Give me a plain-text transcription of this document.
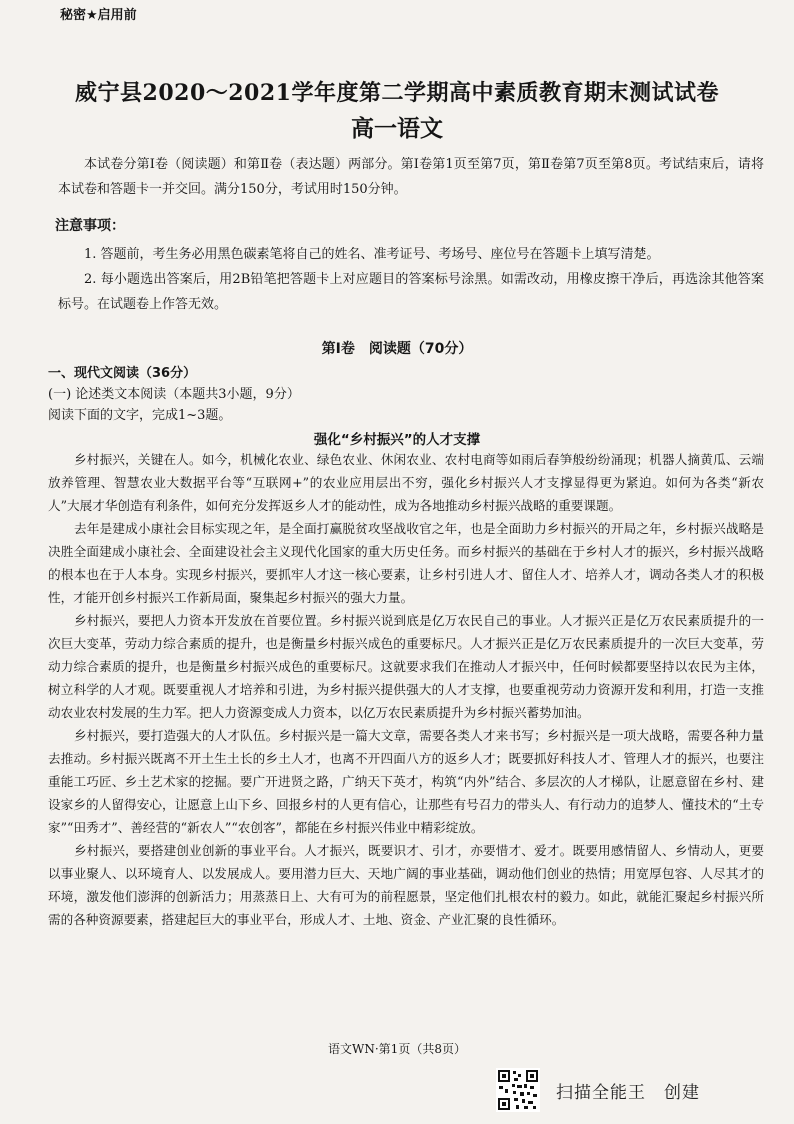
秘密★启用前
威宁县2020～2021学年度第二学期高中素质教育期末测试试卷
高一语文
本试卷分第Ⅰ卷（阅读题）和第Ⅱ卷（表达题）两部分。第Ⅰ卷第1页至第7页，第Ⅱ卷第7页至第8页。考试结束后，请将本试卷和答题卡一并交回。满分150分，考试用时150分钟。
注意事项：

1. 答题前，考生务必用黑色碳素笔将自己的姓名、准考证号、考场号、座位号在答题卡上填写清楚。

2. 每小题选出答案后，用2B铅笔把答题卡上对应题目的答案标号涂黑。如需改动，用橡皮擦干净后，再选涂其他答案标号。在试题卷上作答无效。

第Ⅰ卷　阅读题（70分）
一、现代文阅读（36分）
(一) 论述类文本阅读（本题共3小题，9分）
阅读下面的文字，完成1~3题。
强化“乡村振兴”的人才支撑

乡村振兴，关键在人。如今，机械化农业、绿色农业、休闲农业、农村电商等如雨后春笋般纷纷涌现；机器人摘黄瓜、云端放养管理、智慧农业大数据平台等“互联网+”的农业应用层出不穷，强化乡村振兴人才支撑显得更为紧迫。如何为各类“新农人”大展才华创造有利条件，如何充分发挥返乡人才的能动性，成为各地推动乡村振兴战略的重要课题。

去年是建成小康社会目标实现之年，是全面打赢脱贫攻坚战收官之年，也是全面助力乡村振兴的开局之年，乡村振兴战略是决胜全面建成小康社会、全面建设社会主义现代化国家的重大历史任务。而乡村振兴的基础在于乡村人才的振兴，乡村振兴战略的根本也在于人本身。实现乡村振兴，要抓牢人才这一核心要素，让乡村引进人才、留住人才、培养人才，调动各类人才的积极性，才能开创乡村振兴工作新局面，聚集起乡村振兴的强大力量。

乡村振兴，要把人力资本开发放在首要位置。乡村振兴说到底是亿万农民自己的事业。人才振兴正是亿万农民素质提升的一次巨大变革，劳动力综合素质的提升，也是衡量乡村振兴成色的重要标尺。人才振兴正是亿万农民素质提升的一次巨大变革，劳动力综合素质的提升，也是衡量乡村振兴成色的重要标尺。这就要求我们在推动人才振兴中，任何时候都要坚持以农民为主体，树立科学的人才观。既要重视人才培养和引进，为乡村振兴提供强大的人才支撑，也要重视劳动力资源开发和利用，打造一支推动农业农村发展的生力军。把人力资源变成人力资本，以亿万农民素质提升为乡村振兴蓄势加油。

乡村振兴，要打造强大的人才队伍。乡村振兴是一篇大文章，需要各类人才来书写；乡村振兴是一项大战略，需要各种力量去推动。乡村振兴既离不开土生土长的乡土人才，也离不开四面八方的返乡人才；既要抓好科技人才、管理人才的振兴，也要注重能工巧匠、乡土艺术家的挖掘。要广开进贤之路，广纳天下英才，构筑“内外”结合、多层次的人才梯队，让愿意留在乡村、建设家乡的人留得安心，让愿意上山下乡、回报乡村的人更有信心，让那些有号召力的带头人、有行动力的追梦人、懂技术的“土专家”“田秀才”、善经营的“新农人”“农创客”，都能在乡村振兴伟业中精彩绽放。

乡村振兴，要搭建创业创新的事业平台。人才振兴，既要识才、引才，亦要惜才、爱才。既要用感情留人、乡情动人，更要以事业聚人、以环境育人、以发展成人。要用潜力巨大、天地广阔的事业基础，调动他们创业的热情；用宽厚包容、人尽其才的环境，激发他们澎湃的创新活力；用蒸蒸日上、大有可为的前程愿景，坚定他们扎根农村的毅力。如此，就能汇聚起乡村振兴所需的各种资源要素，搭建起巨大的事业平台，形成人才、土地、资金、产业汇聚的良性循环。

语文WN·第1页（共8页）
扫描全能王　创建
